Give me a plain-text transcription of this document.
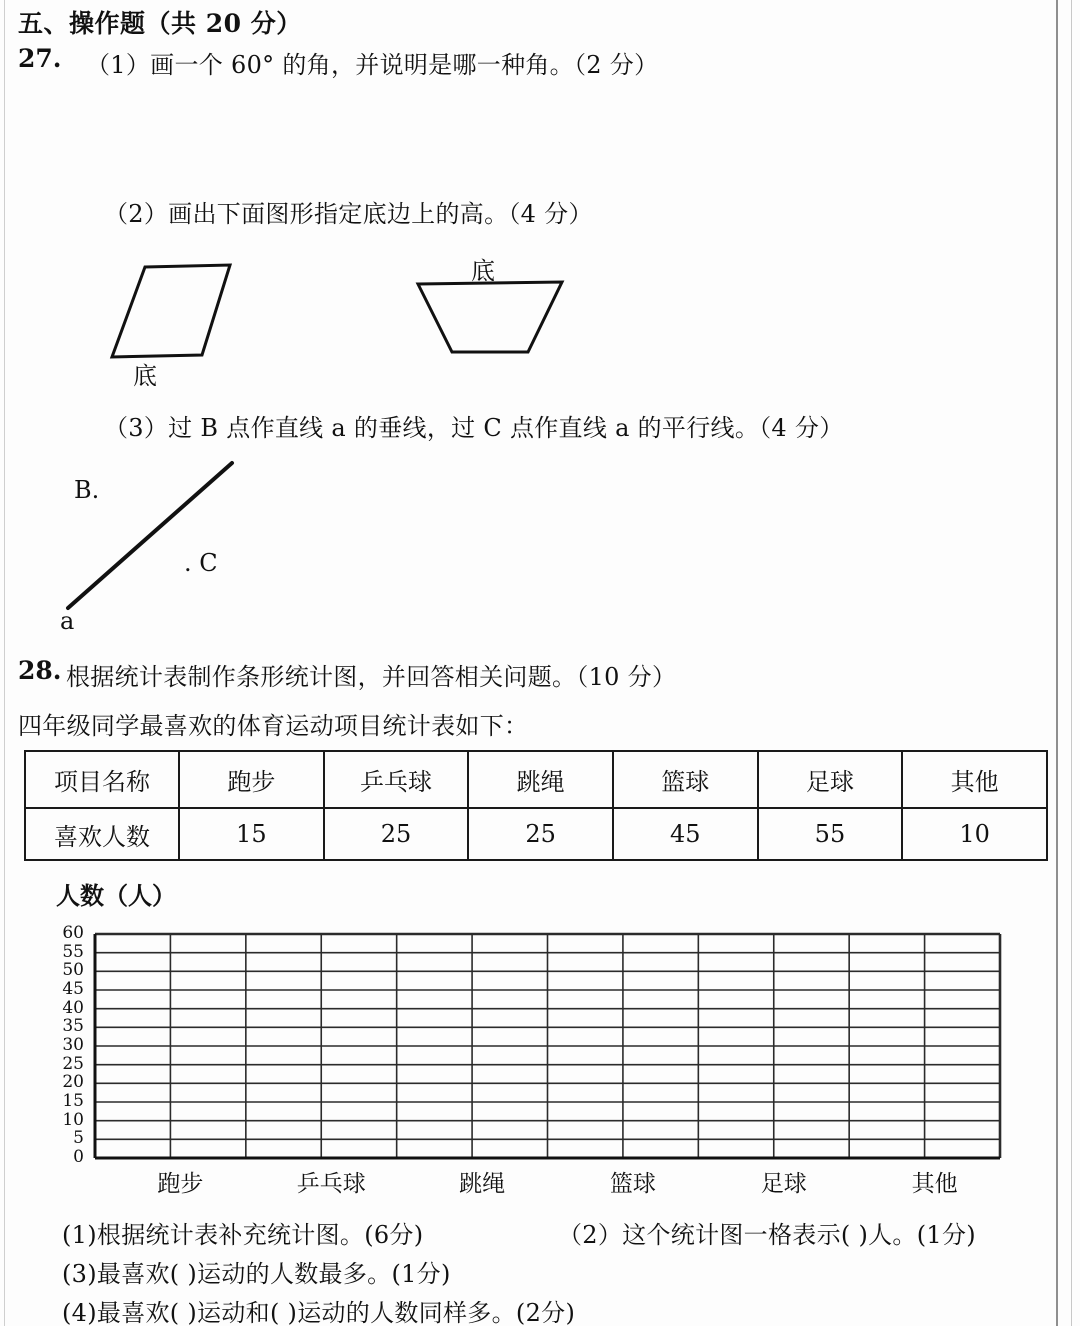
五、操作题（共 20 分）
27. （1）画一个 60° 的角，并说明是哪一种角。（2 分）
（2）画出下面图形指定底边上的高。（4 分）
底
底
（3）过 B 点作直线 a 的垂线，过 C 点作直线 a 的平行线。（4 分）
B.
. C
a
28. 根据统计表制作条形统计图，并回答相关问题。（10 分）
四年级同学最喜欢的体育运动项目统计表如下：
项目名称	跑步	乒乓球	跳绳	篮球	足球	其他
喜欢人数	15	25	25	45	55	10
人数（人）
60
55
50
45
40
35
30
25
20
15
10
5
0
跑步	乒乓球	跳绳	篮球	足球	其他
(1)根据统计表补充统计图。(6分)	（2）这个统计图一格表示( )人。(1分)
(3)最喜欢( )运动的人数最多。(1分)
(4)最喜欢( )运动和( )运动的人数同样多。(2分)
